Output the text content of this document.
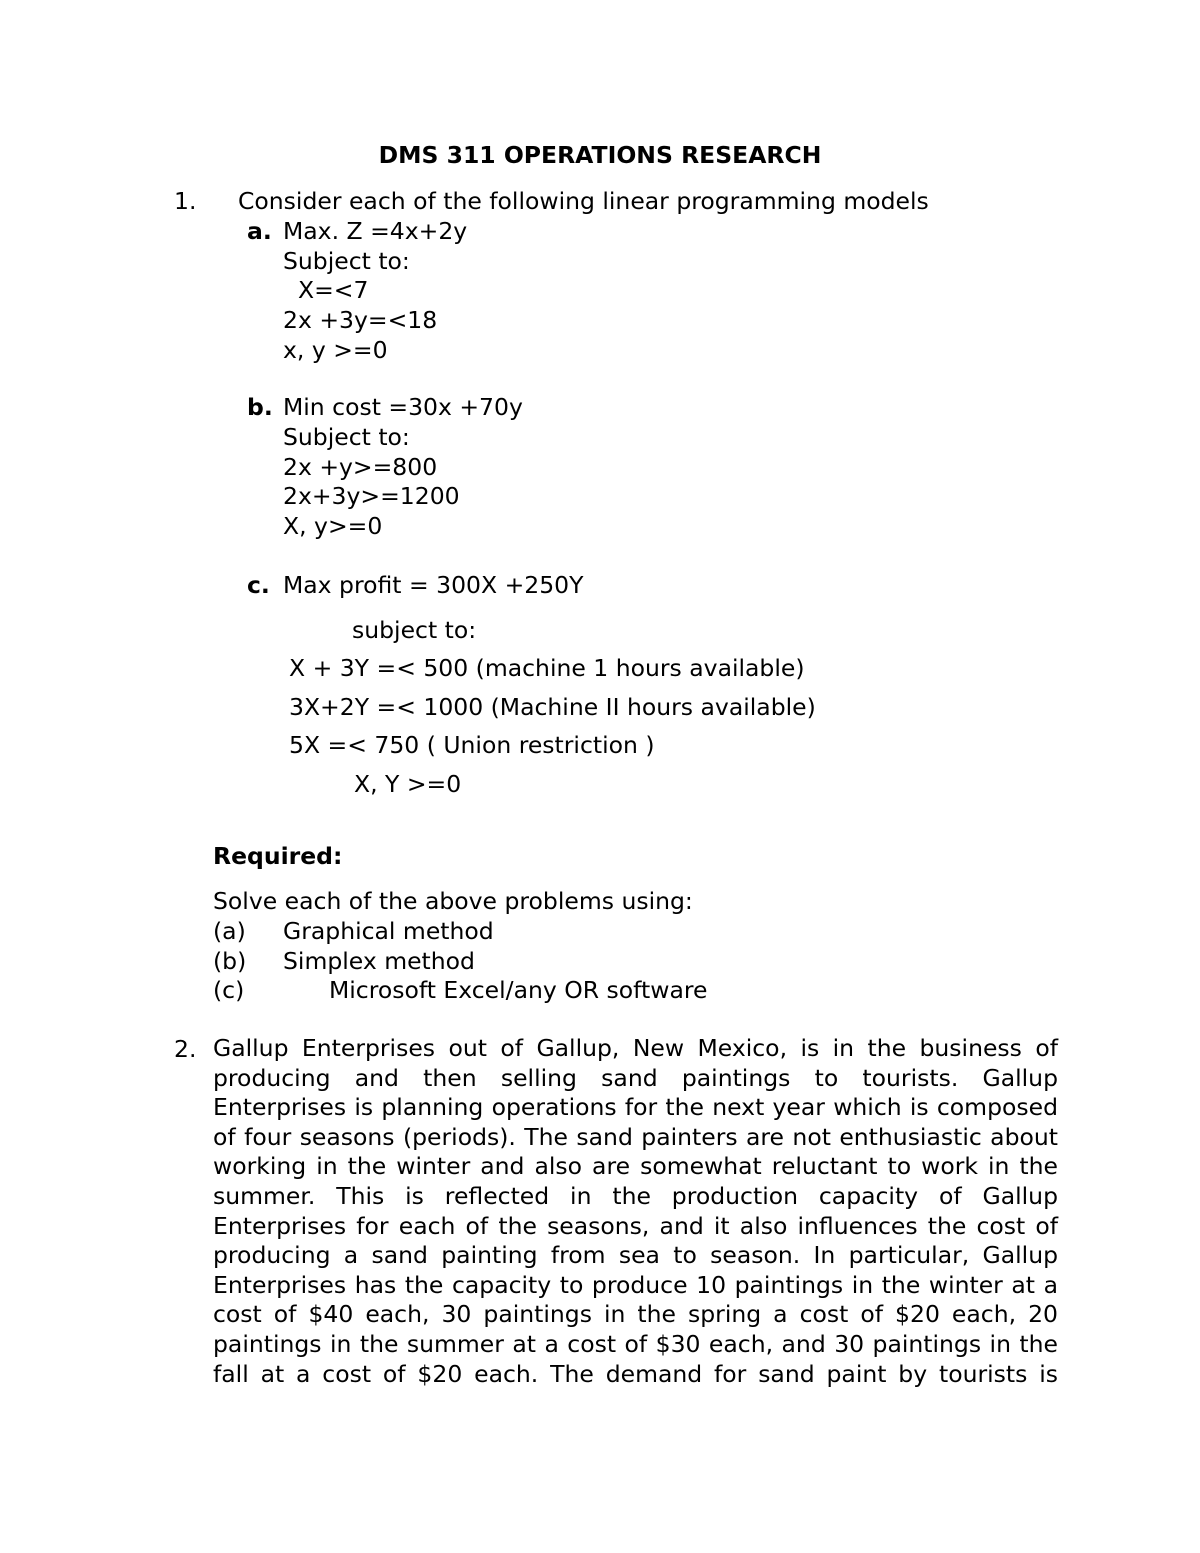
DMS 311 OPERATIONS RESEARCH
1. Consider each of the following linear programming models
a. Max. Z =4x+2y
Subject to:
X=<7
2x +3y=<18
x, y >=0
b. Min cost =30x +70y
Subject to:
2x +y>=800
2x+3y>=1200
X, y>=0
c. Max profit = 300X +250Y
subject to:
X + 3Y =< 500 (machine 1 hours available)
3X+2Y =< 1000 (Machine II hours available)
5X =< 750 ( Union restriction )
X, Y >=0
Required:
Solve each of the above problems using:
(a) Graphical method
(b) Simplex method
(c)	Microsoft Excel/any OR software
2. Gallup Enterprises out of Gallup, New Mexico, is in the business of
producing and then selling sand paintings to tourists. Gallup
Enterprises is planning operations for the next year which is composed
of four seasons (periods). The sand painters are not enthusiastic about
working in the winter and also are somewhat reluctant to work in the
summer. This is reflected in the production capacity of Gallup
Enterprises for each of the seasons, and it also influences the cost of
producing a sand painting from sea to season. In particular, Gallup
Enterprises has the capacity to produce 10 paintings in the winter at a
cost of $40 each, 30 paintings in the spring a cost of $20 each, 20
paintings in the summer at a cost of $30 each, and 30 paintings in the
fall at a cost of $20 each. The demand for sand paint by tourists is
